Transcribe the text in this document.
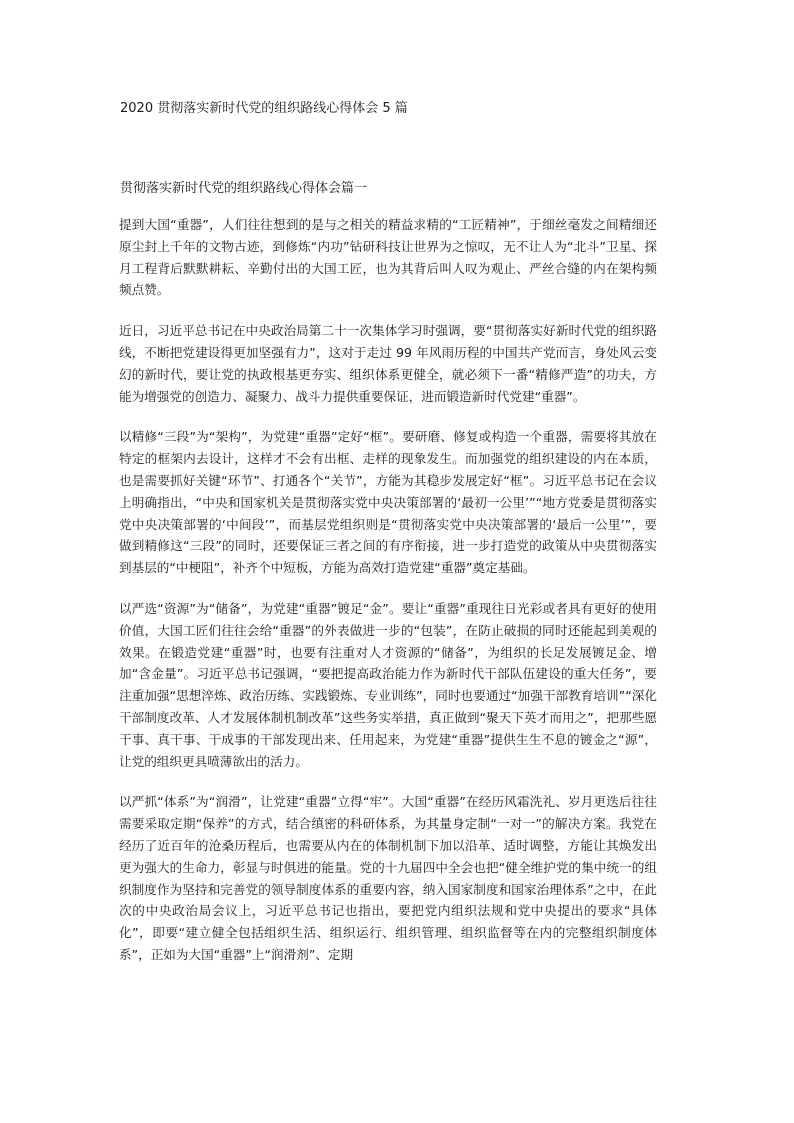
2020 贯彻落实新时代党的组织路线心得体会 5 篇
贯彻落实新时代党的组织路线心得体会篇一

提到大国“重器”，人们往往想到的是与之相关的精益求精的“工匠精神”，于细丝毫发之间精细还原尘封上千年的文物古迹，到修炼“内功”钻研科技让世界为之惊叹，无不让人为“北斗”卫星、探月工程背后默默耕耘、辛勤付出的大国工匠，也为其背后叫人叹为观止、严丝合缝的内在架构频频点赞。

近日，习近平总书记在中央政治局第二十一次集体学习时强调，要“贯彻落实好新时代党的组织路线，不断把党建设得更加坚强有力”，这对于走过 99 年风雨历程的中国共产党而言，身处风云变幻的新时代，要让党的执政根基更夯实、组织体系更健全，就必须下一番“精修严造”的功夫，方能为增强党的创造力、凝聚力、战斗力提供重要保证，进而锻造新时代党建“重器”。

以精修“三段”为“架构”，为党建“重器”定好“框”。要研磨、修复或构造一个重器，需要将其放在特定的框架内去设计，这样才不会有出框、走样的现象发生。而加强党的组织建设的内在本质，也是需要抓好关键“环节”、打通各个“关节”，方能为其稳步发展定好“框”。习近平总书记在会议上明确指出，“中央和国家机关是贯彻落实党中央决策部署的‘最初一公里’”“地方党委是贯彻落实党中央决策部署的‘中间段’”，而基层党组织则是“贯彻落实党中央决策部署的‘最后一公里’”，要做到精修这“三段”的同时，还要保证三者之间的有序衔接，进一步打造党的政策从中央贯彻落实到基层的“中梗阻”，补齐个中短板，方能为高效打造党建“重器”奠定基础。

以严选“资源”为“储备”，为党建“重器”镀足“金”。要让“重器”重现往日光彩或者具有更好的使用价值，大国工匠们往往会给“重器”的外表做进一步的“包装”，在防止破损的同时还能起到美观的效果。在锻造党建“重器”时，也要有注重对人才资源的“储备”，为组织的长足发展镀足金、增加“含金量”。习近平总书记强调，“要把提高政治能力作为新时代干部队伍建设的重大任务”，要注重加强“思想淬炼、政治历练、实践锻炼、专业训练”，同时也要通过“加强干部教育培训”“深化干部制度改革、人才发展体制机制改革”这些务实举措，真正做到“聚天下英才而用之”，把那些愿干事、真干事、干成事的干部发现出来、任用起来，为党建“重器”提供生生不息的镀金之“源”，让党的组织更具喷薄欲出的活力。

以严抓“体系”为“润滑”，让党建“重器”立得“牢”。大国“重器”在经历风霜洗礼、岁月更迭后往往需要采取定期“保养”的方式，结合缜密的科研体系，为其量身定制“一对一”的解决方案。我党在经历了近百年的沧桑历程后，也需要从内在的体制机制下加以沿革、适时调整，方能让其焕发出更为强大的生命力，彰显与时俱进的能量。党的十九届四中全会也把“健全维护党的集中统一的组织制度作为坚持和完善党的领导制度体系的重要内容，纳入国家制度和国家治理体系”之中，在此次的中央政治局会议上，习近平总书记也指出，要把党内组织法规和党中央提出的要求“具体化”，即要“建立健全包括组织生活、组织运行、组织管理、组织监督等在内的完整组织制度体系”，正如为大国“重器”上“润滑剂”、定期
